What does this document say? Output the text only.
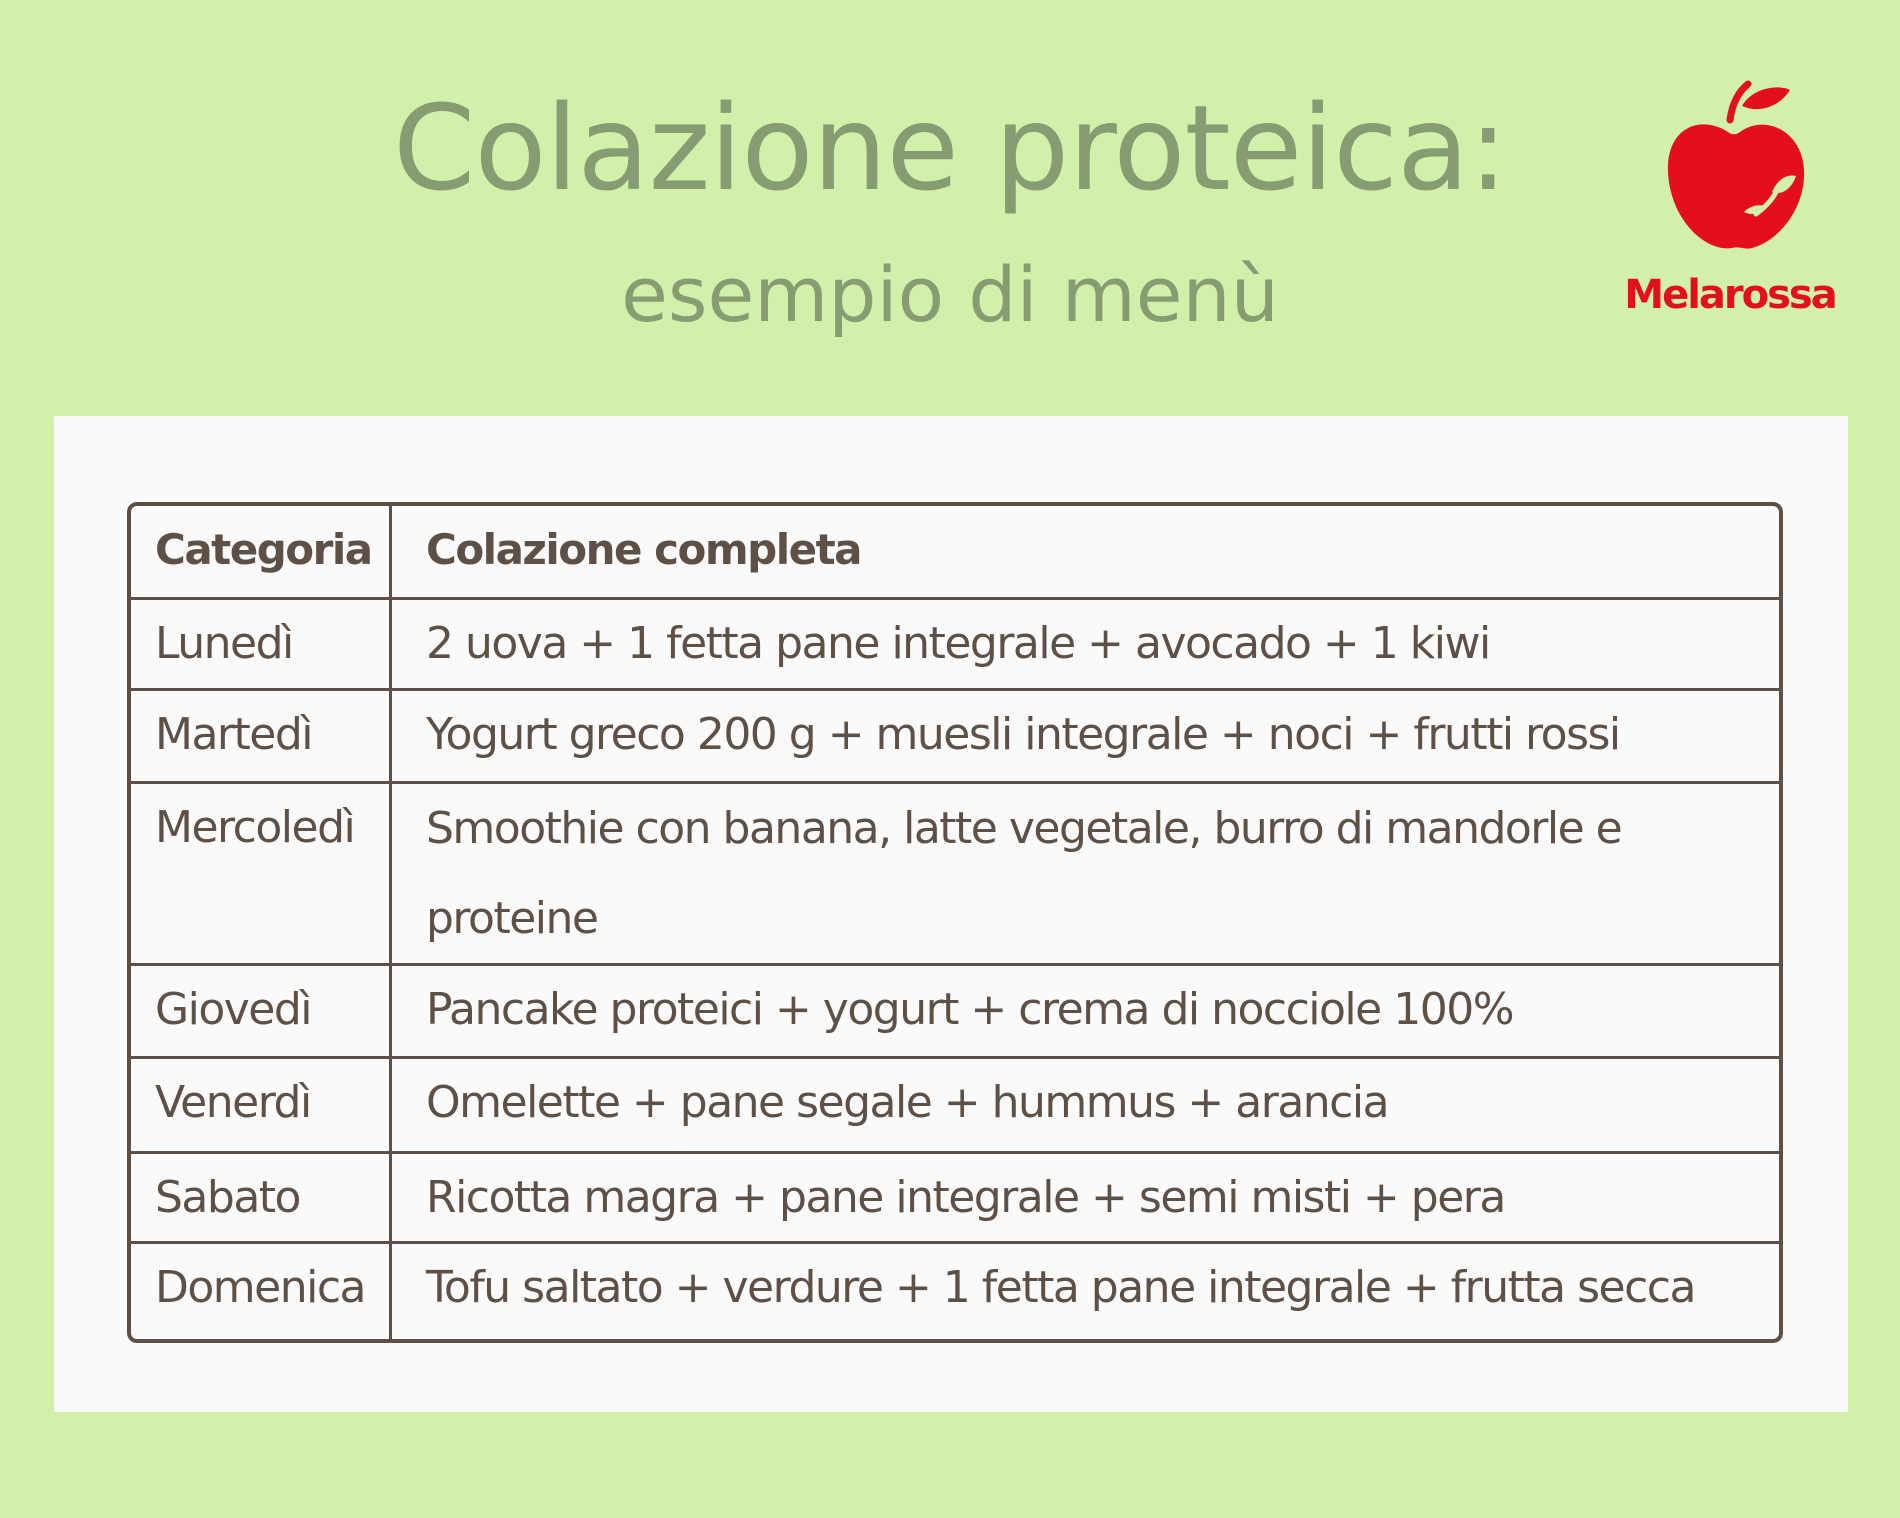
Colazione proteica:
esempio di menù	Melarossa
Categoria	Colazione completa
Lunedì	2 uova + 1 fetta pane integrale + avocado + 1 kiwi
Martedì	Yogurt greco 200 g + muesli integrale + noci + frutti rossi
Mercoledì	Smoothie con banana, latte vegetale, burro di mandorle e proteine
Giovedì	Pancake proteici + yogurt + crema di nocciole 100%
Venerdì	Omelette + pane segale + hummus + arancia
Sabato	Ricotta magra + pane integrale + semi misti + pera
Domenica	Tofu saltato + verdure + 1 fetta pane integrale + frutta secca
